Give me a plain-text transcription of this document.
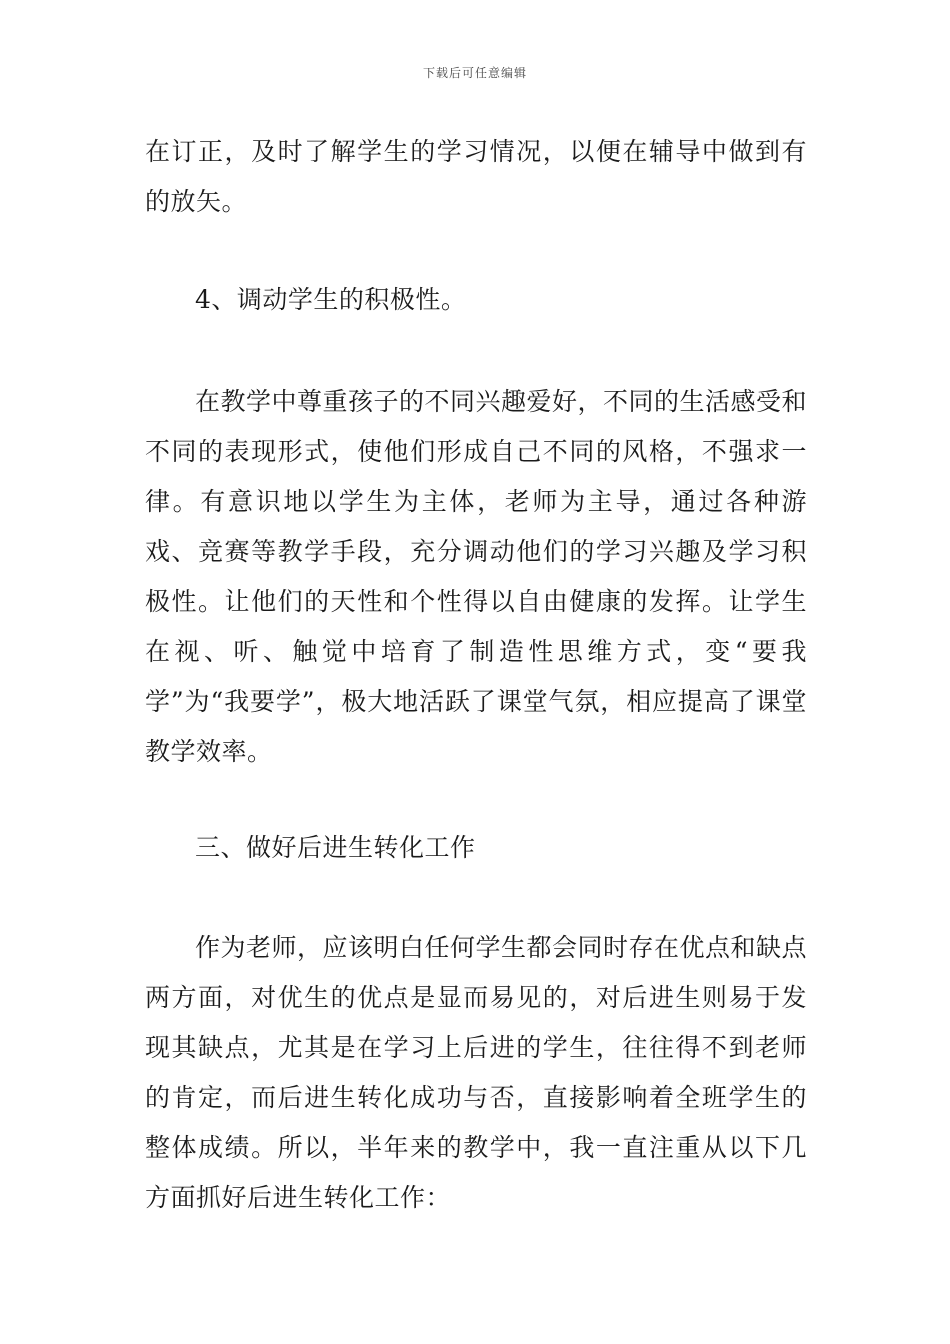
下载后可任意编辑

在订正，及时了解学生的学习情况，以便在辅导中做到有的放矢。

4、调动学生的积极性。

在教学中尊重孩子的不同兴趣爱好，不同的生活感受和不同的表现形式，使他们形成自己不同的风格，不强求一律。有意识地以学生为主体，老师为主导，通过各种游戏、竞赛等教学手段，充分调动他们的学习兴趣及学习积极性。让他们的天性和个性得以自由健康的发挥。让学生在视、听、触觉中培育了制造性思维方式，变“要我学”为“我要学”，极大地活跃了课堂气氛，相应提高了课堂教学效率。

三、做好后进生转化工作

作为老师，应该明白任何学生都会同时存在优点和缺点两方面，对优生的优点是显而易见的，对后进生则易于发现其缺点，尤其是在学习上后进的学生，往往得不到老师的肯定，而后进生转化成功与否，直接影响着全班学生的整体成绩。所以，半年来的教学中，我一直注重从以下几方面抓好后进生转化工作：
